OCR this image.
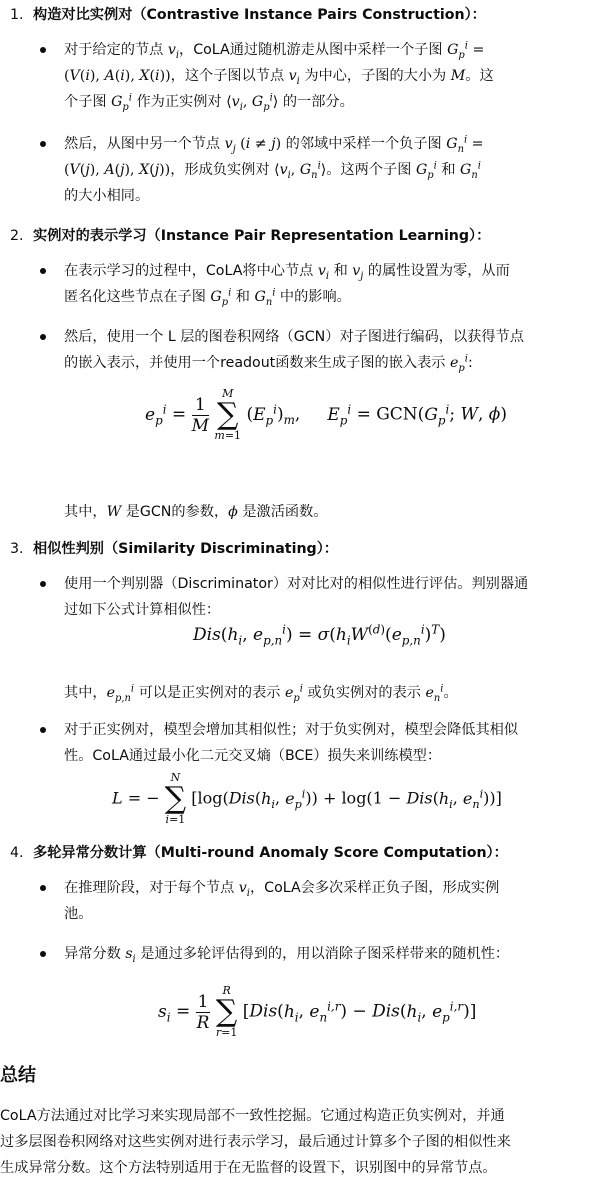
1. 构造对比实例对（Contrastive Instance Pairs Construction）：
对于给定的节点 $v_i$，CoLA通过随机游走从图中采样一个子图 $G_p^i$ =
(V(i), A(i), X(i))，这个子图以节点 $v_i$ 为中心，子图的大小为 M。这
个子图 $G_p^i$ 作为正实例对 $⟨v_i$, $G_p^i⟩$ 的一部分。
然后，从图中另一个节点 $v_j$ (i ≠ j) 的邻域中采样一个负子图 $G_n^i$ =
(V(j), A(j), X(j))，形成负实例对 $⟨v_i$, $G_n^i⟩$。这两个子图 $G_p^i$ 和 $G_n^i$
的大小相同。
2. 实例对的表示学习（Instance Pair Representation Learning）：
在表示学习的过程中，CoLA将中心节点 $v_i$ 和 $v_j$ 的属性设置为零，从而
匿名化这些节点在子图 $G_p^i$ 和 $G_n^i$ 中的影响。
然后，使用一个 L 层的图卷积网络（GCN）对子图进行编码，以获得节点
的嵌入表示，并使用一个readout函数来生成子图的嵌入表示 $e_p^i$:
$e_p^i = \frac{1}{M}$
M
∑
m=1 $(E_p^i)_m$,     $E_p^i = GCN(G_p^i$; W, ϕ)
其中，W 是GCN的参数，ϕ 是激活函数。
3. 相似性判别（Similarity Discriminating）：
使用一个判别器（Discriminator）对对比对的相似性进行评估。判别器通
过如下公式计算相似性：
$Dis(h_i$, $e_{p,n}^i) = \sigma(h_iW^{(d)}(e_{p,n}^i)^T)$
其中，$e_{p,n}^i$ 可以是正实例对的表示 $e_p^i$ 或负实例对的表示 $e_n^i$。
对于正实例对，模型会增加其相似性；对于负实例对，模型会降低其相似
性。CoLA通过最小化二元交叉熵（BCE）损失来训练模型：
L = − N
∑
i=1 [$\log(Dis(h_i$, $e_p^i)) + \log(1 - Dis(h_i$, $e_n^i$))]
4. 多轮异常分数计算（Multi-round Anomaly Score Computation）：
在推理阶段，对于每个节点 $v_i$，CoLA会多次采样正负子图，形成实例
池。
异常分数 $s_i$ 是通过多轮评估得到的，用以消除子图采样带来的随机性：
$s_i = \frac{1}{R}$
R
∑
r=1 [$Dis(h_i$, $e_n^{i,r}) - Dis(h_i$, $e_p^{i,r}$)]
总结
CoLA方法通过对比学习来实现局部不一致性挖掘。它通过构造正负实例对，并通
过多层图卷积网络对这些实例对进行表示学习，最后通过计算多个子图的相似性来
生成异常分数。这个方法特别适用于在无监督的设置下，识别图中的异常节点。
